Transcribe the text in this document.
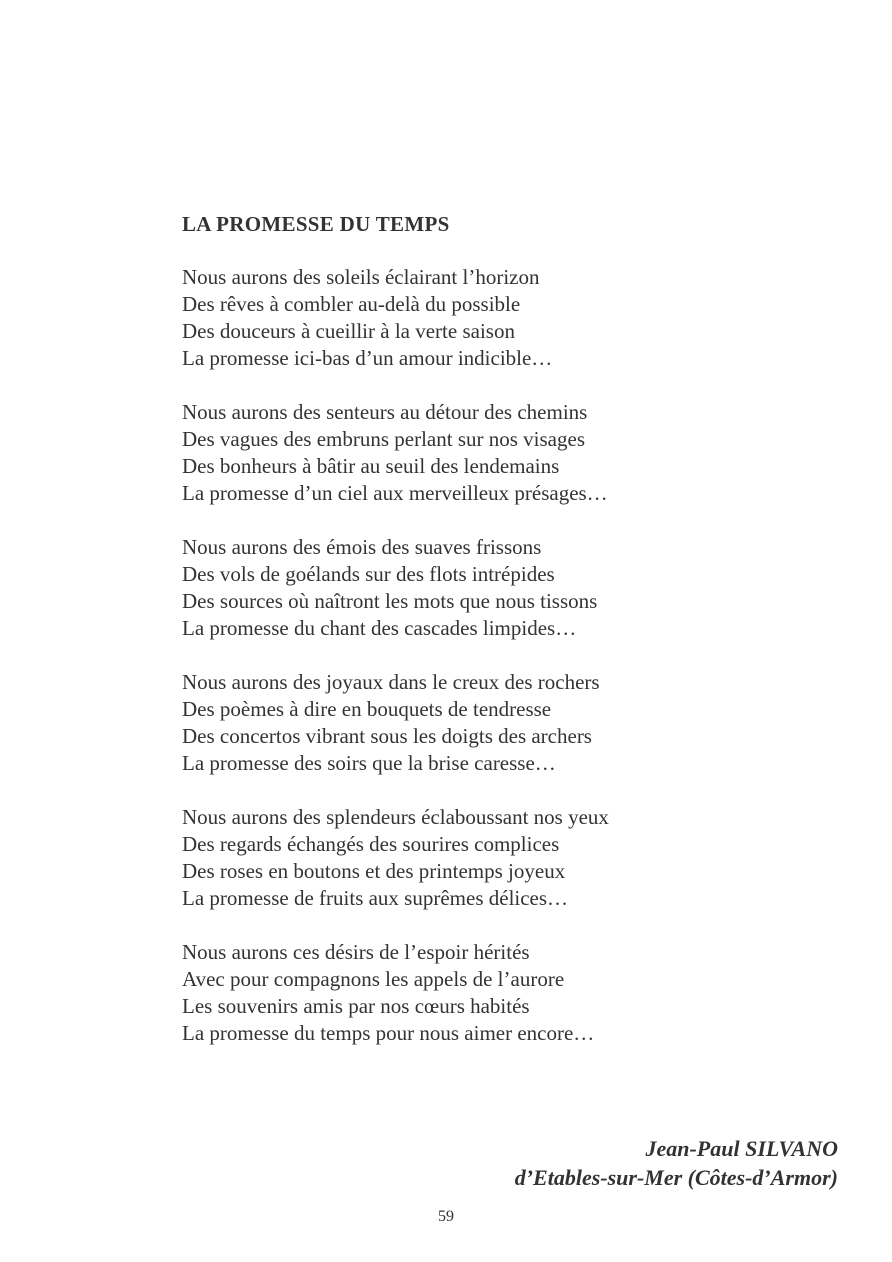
LA PROMESSE DU TEMPS
Nous aurons des soleils éclairant l’horizon
Des rêves à combler au-delà du possible
Des douceurs à cueillir à la verte saison
La promesse ici-bas d’un amour indicible…
Nous aurons des senteurs au détour des chemins
Des vagues des embruns perlant sur nos visages
Des bonheurs à bâtir au seuil des lendemains
La promesse d’un ciel aux merveilleux présages…
Nous aurons des émois des suaves frissons
Des vols de goélands sur des flots intrépides
Des sources où naîtront les mots que nous tissons
La promesse du chant des cascades limpides…
Nous aurons des joyaux dans le creux des rochers
Des poèmes à dire en bouquets de tendresse
Des concertos vibrant sous les doigts des archers
La promesse des soirs que la brise caresse…
Nous aurons des splendeurs éclaboussant nos yeux
Des regards échangés des sourires complices
Des roses en boutons et des printemps joyeux
La promesse de fruits aux suprêmes délices…
Nous aurons ces désirs de l’espoir hérités
Avec pour compagnons les appels de l’aurore
Les souvenirs amis par nos cœurs habités
La promesse du temps pour nous aimer encore…
Jean-Paul SILVANO
d’Etables-sur-Mer (Côtes-d’Armor)
59
